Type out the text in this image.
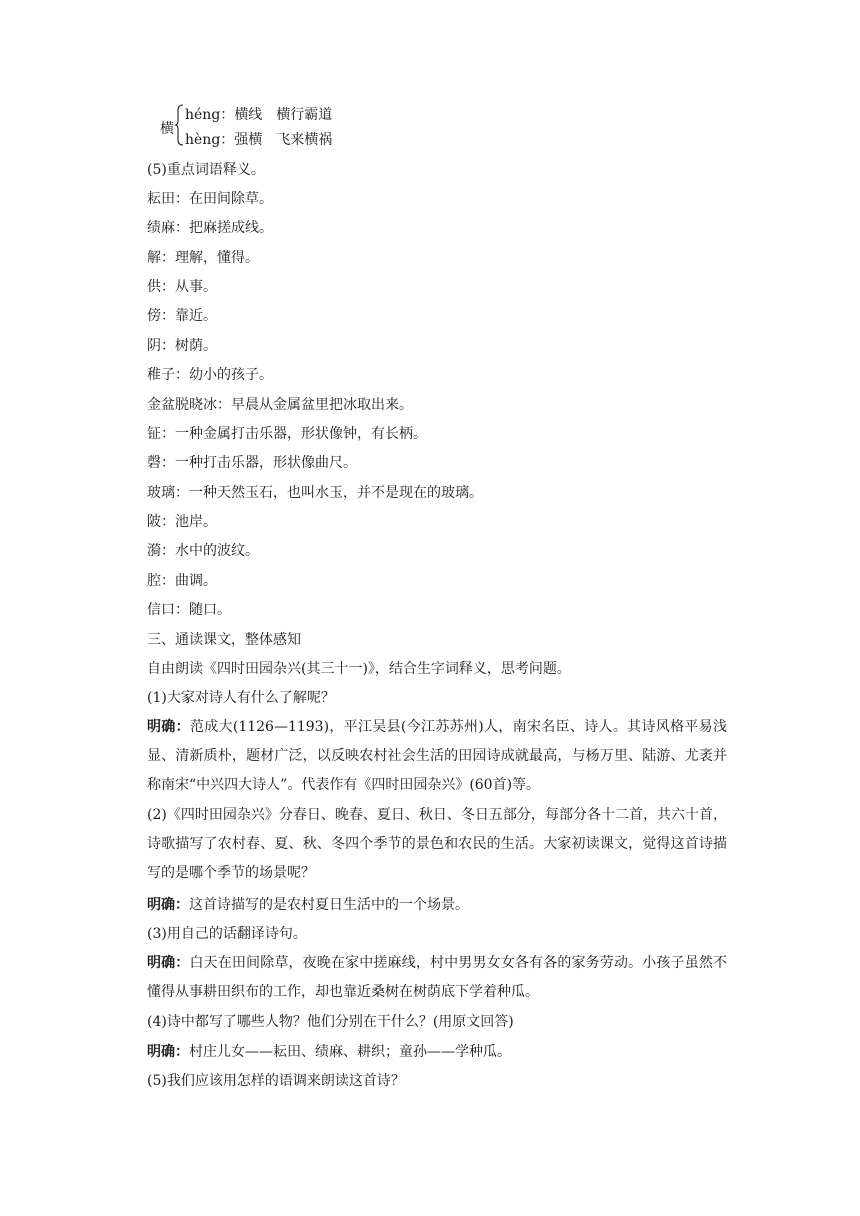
横
héng：横线　横行霸道
hèng：强横　飞来横祸
(5)重点词语释义。
耘田：在田间除草。
绩麻：把麻搓成线。
解：理解，懂得。
供：从事。
傍：靠近。
阴：树荫。
稚子：幼小的孩子。
金盆脱晓冰：早晨从金属盆里把冰取出来。
钲：一种金属打击乐器，形状像钟，有长柄。
磬：一种打击乐器，形状像曲尺。
玻璃：一种天然玉石，也叫水玉，并不是现在的玻璃。
陂：池岸。
漪：水中的波纹。
腔：曲调。
信口：随口。
三、通读课文，整体感知
自由朗读《四时田园杂兴(其三十一)》，结合生字词释义，思考问题。
(1)大家对诗人有什么了解呢？
明确：范成大(1126—1193)，平江吴县(今江苏苏州)人，南宋名臣、诗人。其诗风格平易浅显、清新质朴，题材广泛，以反映农村社会生活的田园诗成就最高，与杨万里、陆游、尤袤并称南宋“中兴四大诗人”。代表作有《四时田园杂兴》(60首)等。
(2)《四时田园杂兴》分春日、晚春、夏日、秋日、冬日五部分，每部分各十二首，共六十首，诗歌描写了农村春、夏、秋、冬四个季节的景色和农民的生活。大家初读课文，觉得这首诗描写的是哪个季节的场景呢？
明确：这首诗描写的是农村夏日生活中的一个场景。
(3)用自己的话翻译诗句。
明确：白天在田间除草，夜晚在家中搓麻线，村中男男女女各有各的家务劳动。小孩子虽然不懂得从事耕田织布的工作，却也靠近桑树在树荫底下学着种瓜。
(4)诗中都写了哪些人物？他们分别在干什么？(用原文回答)
明确：村庄儿女——耘田、绩麻、耕织；童孙——学种瓜。
(5)我们应该用怎样的语调来朗读这首诗？
